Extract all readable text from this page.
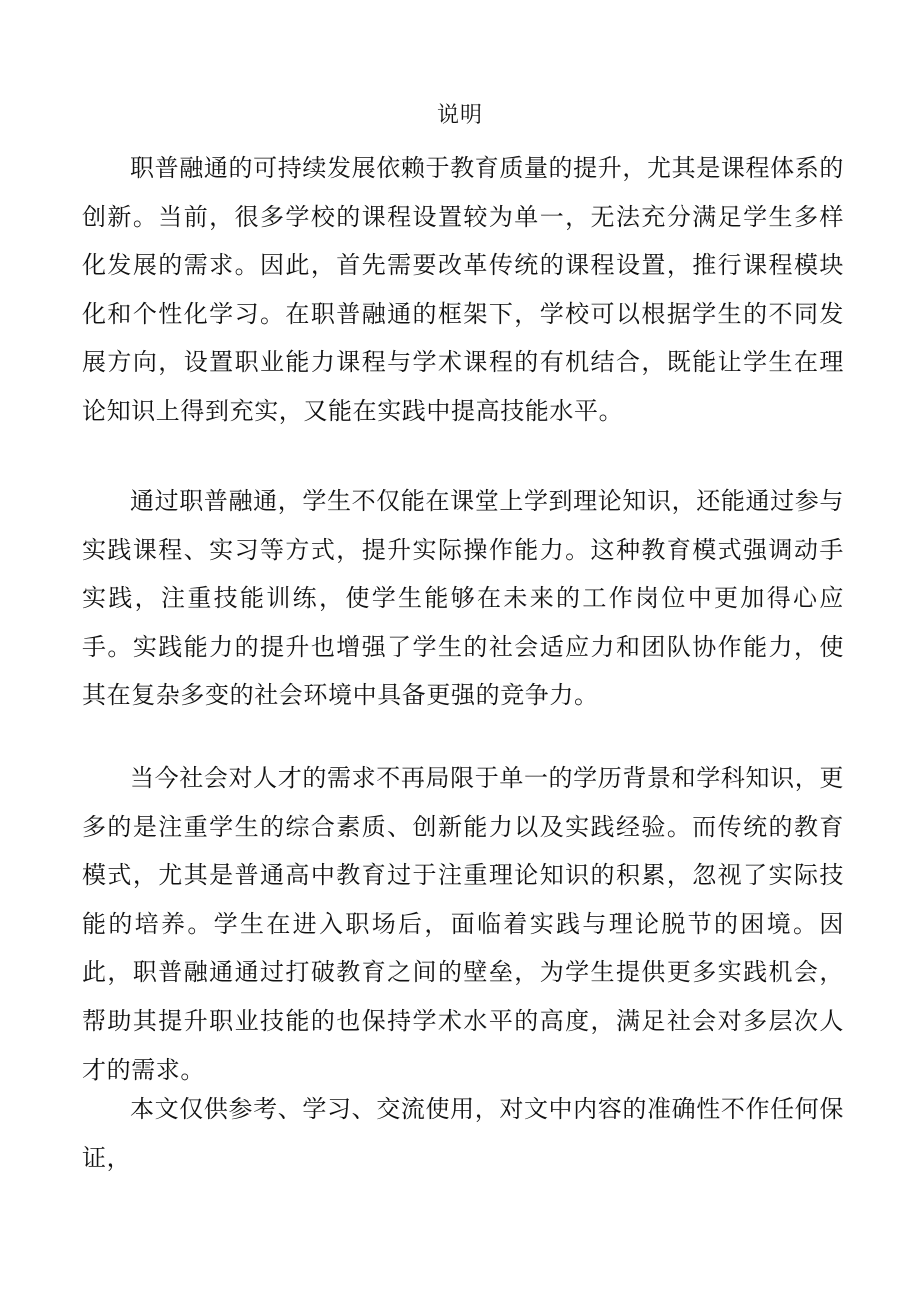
说明

职普融通的可持续发展依赖于教育质量的提升，尤其是课程体系的创新。当前，很多学校的课程设置较为单一，无法充分满足学生多样化发展的需求。因此，首先需要改革传统的课程设置，推行课程模块化和个性化学习。在职普融通的框架下，学校可以根据学生的不同发展方向，设置职业能力课程与学术课程的有机结合，既能让学生在理论知识上得到充实，又能在实践中提高技能水平。

通过职普融通，学生不仅能在课堂上学到理论知识，还能通过参与实践课程、实习等方式，提升实际操作能力。这种教育模式强调动手实践，注重技能训练，使学生能够在未来的工作岗位中更加得心应手。实践能力的提升也增强了学生的社会适应力和团队协作能力，使其在复杂多变的社会环境中具备更强的竞争力。

当今社会对人才的需求不再局限于单一的学历背景和学科知识，更多的是注重学生的综合素质、创新能力以及实践经验。而传统的教育模式，尤其是普通高中教育过于注重理论知识的积累，忽视了实际技能的培养。学生在进入职场后，面临着实践与理论脱节的困境。因此，职普融通通过打破教育之间的壁垒，为学生提供更多实践机会，帮助其提升职业技能的也保持学术水平的高度，满足社会对多层次人才的需求。

本文仅供参考、学习、交流使用，对文中内容的准确性不作任何保证，
